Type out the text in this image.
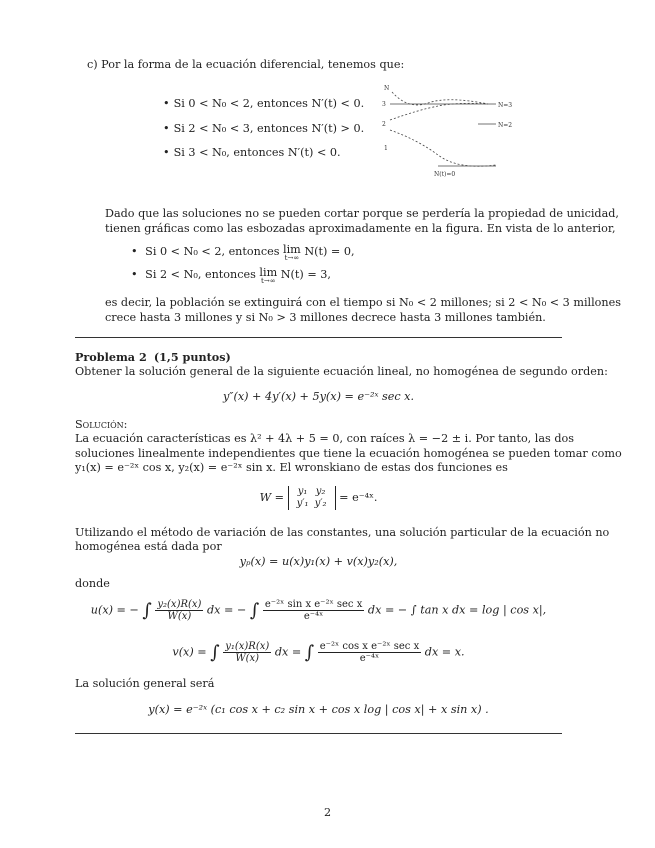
c) Por la forma de la ecuación diferencial, tenemos que:
• Si 0 < N₀ < 2, entonces N′(t) < 0.
• Si 2 < N₀ < 3, entonces N′(t) > 0.
• Si 3 < N₀, entonces N′(t) < 0.
N
3
2
1
N=3
N=2
N(t)=0
Dado que las soluciones no se pueden cortar porque se perdería la propiedad de unicidad,
tienen gráficas como las esbozadas aproximadamente en la figura. En vista de lo anterior,
• Si 0 < N₀ < 2, entonces lim
t→∞ N(t) = 0,
• Si 2 < N₀, entonces lim
t→∞ N(t) = 3,
es decir, la población se extinguirá con el tiempo si N₀ < 2 millones; si 2 < N₀ < 3 millones
crece hasta 3 millones y si N₀ > 3 millones decrece hasta 3 millones también.
Problema 2 (1,5 puntos)
Obtener la solución general de la siguiente ecuación lineal, no homogénea de segundo orden:
y″(x) + 4y′(x) + 5y(x) = e⁻²ˣ sec x.
Solución:
La ecuación características es λ² + 4λ + 5 = 0, con raíces λ = −2 ± i. Por tanto, las dos
soluciones linealmente independientes que tiene la ecuación homogénea se pueden tomar como
y₁(x) = e⁻²ˣ cos x, y₂(x) = e⁻²ˣ sin x. El wronskiano de estas dos funciones es
W =	y₁ y₂
y′₁ y′₂ = e⁻⁴ˣ.
Utilizando el método de variación de las constantes, una solución particular de la ecuación no
homogénea está dada por
yₚ(x) = u(x)y₁(x) + v(x)y₂(x),
donde
u(x) = − ∫ $\frac{\text{y₂(x)R(x)}}{W(x)}$ dx = − ∫ $\frac{\text{e⁻²ˣ sin x e⁻²ˣ sec x}}{\text{e⁻⁴ˣ}}$ dx = − ∫ tan x dx = log | cos x|,
v(x) = ∫ $\frac{\text{y₁(x)R(x)}}{W(x)}$ dx = ∫ $\frac{\text{e⁻²ˣ cos x e⁻²ˣ sec x}}{\text{e⁻⁴ˣ}}$ dx = x.
La solución general será
y(x) = e⁻²ˣ (c₁ cos x + c₂ sin x + cos x log | cos x| + x sin x) .
2
